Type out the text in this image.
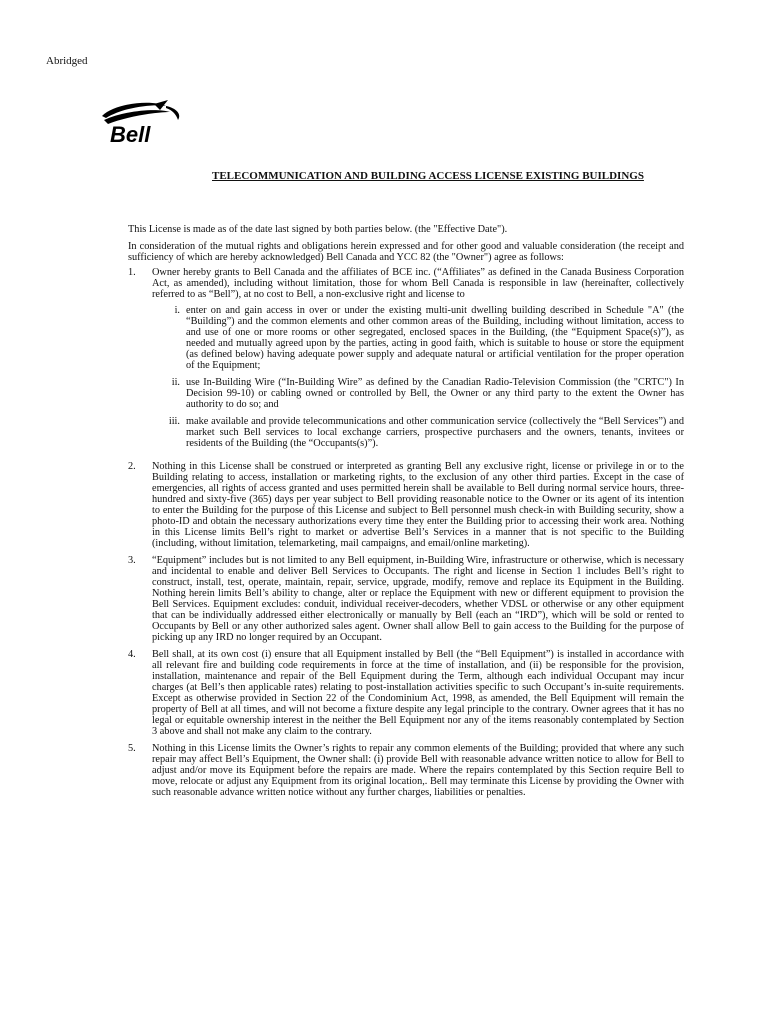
Abridged
Bell
TELECOMMUNICATION AND BUILDING ACCESS LICENSE EXISTING BUILDINGS

This License is made as of the date last signed by both parties below. (the "Effective Date").

In consideration of the mutual rights and obligations herein expressed and for other good and valuable consideration (the receipt and sufficiency of which are hereby acknowledged) Bell Canada and YCC 82 (the "Owner") agree as follows:

1.	Owner hereby grants to Bell Canada and the affiliates of BCE inc. (“Affiliates” as defined in the Canada Business Corporation Act, as amended), including without limitation, those for whom Bell Canada is responsible in law (hereinafter, collectively referred to as “Bell”), at no cost to Bell, a non-exclusive right and license to
i. enter on and gain access in over or under the existing multi-unit dwelling building described in Schedule "A" (the “Building”) and the common elements and other common areas of the Building, including without limitation, access to and use of one or more rooms or other segregated, enclosed spaces in the Building, (the “Equipment Space(s)”), as needed and mutually agreed upon by the parties, acting in good faith, which is suitable to house or store the equipment (as defined below) having adequate power supply and adequate natural or artificial ventilation for the proper operation of the Equipment;
ii. use In-Building Wire (“In-Building Wire” as defined by the Canadian Radio-Television Commission (the "CRTC") In Decision 99-10) or cabling owned or controlled by Bell, the Owner or any third party to the extent the Owner has authority to do so; and
iii. make available and provide telecommunications and other communication service (collectively the “Bell Services”) and market such Bell services to local exchange carriers, prospective purchasers and the owners, tenants, invitees or residents of the Building (the “Occupants(s)”).
2.	Nothing in this License shall be construed or interpreted as granting Bell any exclusive right, license or privilege in or to the Building relating to access, installation or marketing rights, to the exclusion of any other third parties. Except in the case of emergencies, all rights of access granted and uses permitted herein shall be available to Bell during normal service hours, three-hundred and sixty-five (365) days per year subject to Bell providing reasonable notice to the Owner or its agent of its intention to enter the Building for the purpose of this License and subject to Bell personnel mush check-in with Building security, show a photo-ID and obtain the necessary authorizations every time they enter the Building prior to accessing their work area. Nothing in this License limits Bell’s right to market or advertise Bell’s Services in a manner that is not specific to the Building (including, without limitation, telemarketing, mail campaigns, and email/online marketing).
3.	“Equipment” includes but is not limited to any Bell equipment, in-Building Wire, infrastructure or otherwise, which is necessary and incidental to enable and deliver Bell Services to Occupants. The right and license in Section 1 includes Bell’s right to construct, install, test, operate, maintain, repair, service, upgrade, modify, remove and replace its Equipment in the Building. Nothing herein limits Bell’s ability to change, alter or replace the Equipment with new or different equipment to provision the Bell Services. Equipment excludes: conduit, individual receiver-decoders, whether VDSL or otherwise or any other equipment that can be individually addressed either electronically or manually by Bell (each an “IRD”), which will be sold or rented to Occupants by Bell or any other authorized sales agent. Owner shall allow Bell to gain access to the Building for the purpose of picking up any IRD no longer required by an Occupant.
4.	Bell shall, at its own cost (i) ensure that all Equipment installed by Bell (the “Bell Equipment”) is installed in accordance with all relevant fire and building code requirements in force at the time of installation, and (ii) be responsible for the provision, installation, maintenance and repair of the Bell Equipment during the Term, although each individual Occupant may incur charges (at Bell’s then applicable rates) relating to post-installation activities specific to such Occupant’s in-suite requirements. Except as otherwise provided in Section 22 of the Condominium Act, 1998, as amended, the Bell Equipment will remain the property of Bell at all times, and will not become a fixture despite any legal principle to the contrary. Owner agrees that it has no legal or equitable ownership interest in the neither the Bell Equipment nor any of the items reasonably contemplated by Section 3 above and shall not make any claim to the contrary.
5.	Nothing in this License limits the Owner’s rights to repair any common elements of the Building; provided that where any such repair may affect Bell’s Equipment, the Owner shall: (i) provide Bell with reasonable advance written notice to allow for Bell to adjust and/or move its Equipment before the repairs are made. Where the repairs contemplated by this Section require Bell to move, relocate or adjust any Equipment from its original location,. Bell may terminate this License by providing the Owner with such reasonable advance written notice without any further charges, liabilities or penalties.
